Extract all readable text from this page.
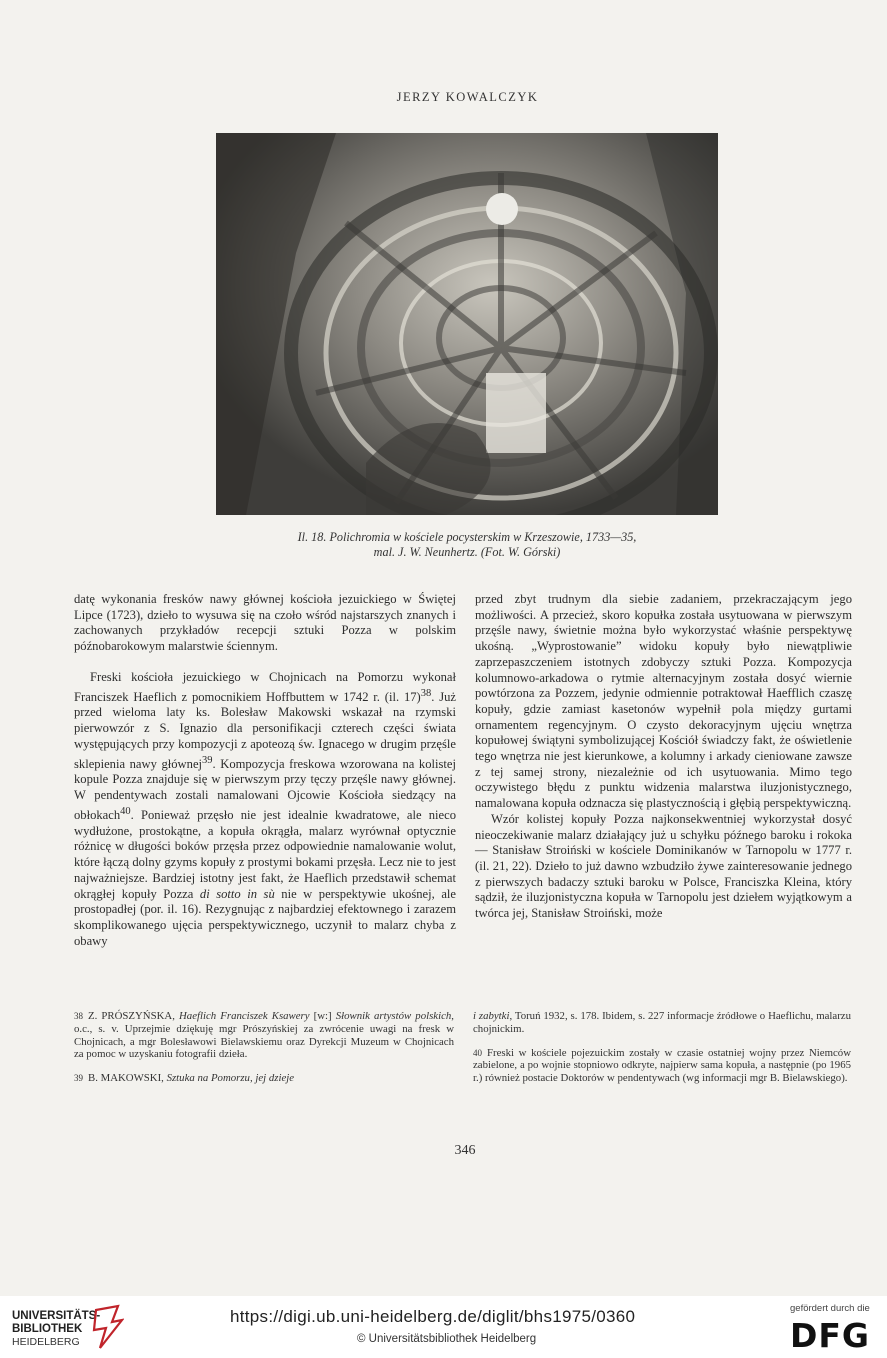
JERZY KOWALCZYK
Il. 18. Polichromia w kościele pocysterskim w Krzeszowie, 1733—35,
mal. J. W. Neunhertz. (Fot. W. Górski)

datę wykonania fresków nawy głównej kościoła jezuickiego w Świętej Lipce (1723), dzieło to wysuwa się na czoło wśród najstarszych znanych i zachowanych przykładów recepcji sztuki Pozza w polskim późnobarokowym malarstwie ściennym.

Freski kościoła jezuickiego w Chojnicach na Pomorzu wykonał Franciszek Haeflich z pomocnikiem Hoffbuttem w 1742 r. (il. 17)$^{38}$. Już przed wieloma laty ks. Bolesław Makowski wskazał na rzymski pierwowzór z S. Ignazio dla personifikacji czterech części świata występujących przy kompozycji z apoteozą św. Ignacego w drugim przęśle sklepienia nawy głównej$^{39}$. Kompozycja freskowa wzorowana na kolistej kopule Pozza znajduje się w pierwszym przy tęczy przęśle nawy głównej. W pendentywach zostali namalowani Ojcowie Kościoła siedzący na obłokach$^{40}$. Ponieważ przęsło nie jest idealnie kwadratowe, ale nieco wydłużone, prostokątne, a kopuła okrągła, malarz wyrównał optycznie różnicę w długości boków przęsła przez odpowiednie namalowanie wolut, które łączą dolny gzyms kopuły z prostymi bokami przęsła. Lecz nie to jest najważniejsze. Bardziej istotny jest fakt, że Haeflich przedstawił schemat okrągłej kopuły Pozza di sotto in sù nie w perspektywie ukośnej, ale prostopadłej (por. il. 16). Rezygnując z najbardziej efektownego i zarazem skomplikowanego ujęcia perspektywicznego, uczynił to malarz chyba z obawy

przed zbyt trudnym dla siebie zadaniem, przekraczającym jego możliwości. A przecież, skoro kopułka została usytuowana w pierwszym przęśle nawy, świetnie można było wykorzystać właśnie perspektywę ukośną. „Wyprostowanie” widoku kopuły było niewątpliwie zaprzepaszczeniem istotnych zdobyczy sztuki Pozza. Kompozycja kolumnowo-arkadowa o rytmie alternacyjnym została dosyć wiernie powtórzona za Pozzem, jedynie odmiennie potraktował Haefflich czaszę kopuły, gdzie zamiast kasetonów wypełnił pola między gurtami ornamentem regencyjnym. O czysto dekoracyjnym ujęciu wnętrza kopułowej świątyni symbolizującej Kościół świadczy fakt, że oświetlenie tego wnętrza nie jest kierunkowe, a kolumny i arkady cieniowane zawsze z tej samej strony, niezależnie od ich usytuowania. Mimo tego oczywistego błędu z punktu widzenia malarstwa iluzjonistycznego, namalowana kopuła odznacza się plastycznością i głębią perspektywiczną.

Wzór kolistej kopuły Pozza najkonsekwentniej wykorzystał dosyć nieoczekiwanie malarz działający już u schyłku późnego baroku i rokoka — Stanisław Stroiński w kościele Dominikanów w Tarnopolu w 1777 r. (il. 21, 22). Dzieło to już dawno wzbudziło żywe zainteresowanie jednego z pierwszych badaczy sztuki baroku w Polsce, Franciszka Kleina, który sądził, że iluzjonistyczna kopuła w Tarnopolu jest dziełem wyjątkowym a twórca jej, Stanisław Stroiński, może

38 Z. PRÓSZYŃSKA, Haeflich Franciszek Ksawery [w:] Słownik artystów polskich, o.c., s. v. Uprzejmie dziękuję mgr Prószyńskiej za zwrócenie uwagi na fresk w Chojnicach, a mgr Bolesławowi Bielawskiemu oraz Dyrekcji Muzeum w Chojnicach za pomoc w uzyskaniu fotografii dzieła.

39 B. MAKOWSKI, Sztuka na Pomorzu, jej dzieje

i zabytki, Toruń 1932, s. 178. Ibidem, s. 227 informacje źródłowe o Haeflichu, malarzu chojnickim.

40 Freski w kościele pojezuickim zostały w czasie ostatniej wojny przez Niemców zabielone, a po wojnie stopniowo odkryte, najpierw sama kopuła, a następnie (po 1965 r.) również postacie Doktorów w pendentywach (wg informacji mgr B. Bielawskiego).

346
UNIVERSITÄTS-
BIBLIOTHEK
HEIDELBERG
https://digi.ub.uni-heidelberg.de/diglit/bhs1975/0360
© Universitätsbibliothek Heidelberg
gefördert durch die
DFG
